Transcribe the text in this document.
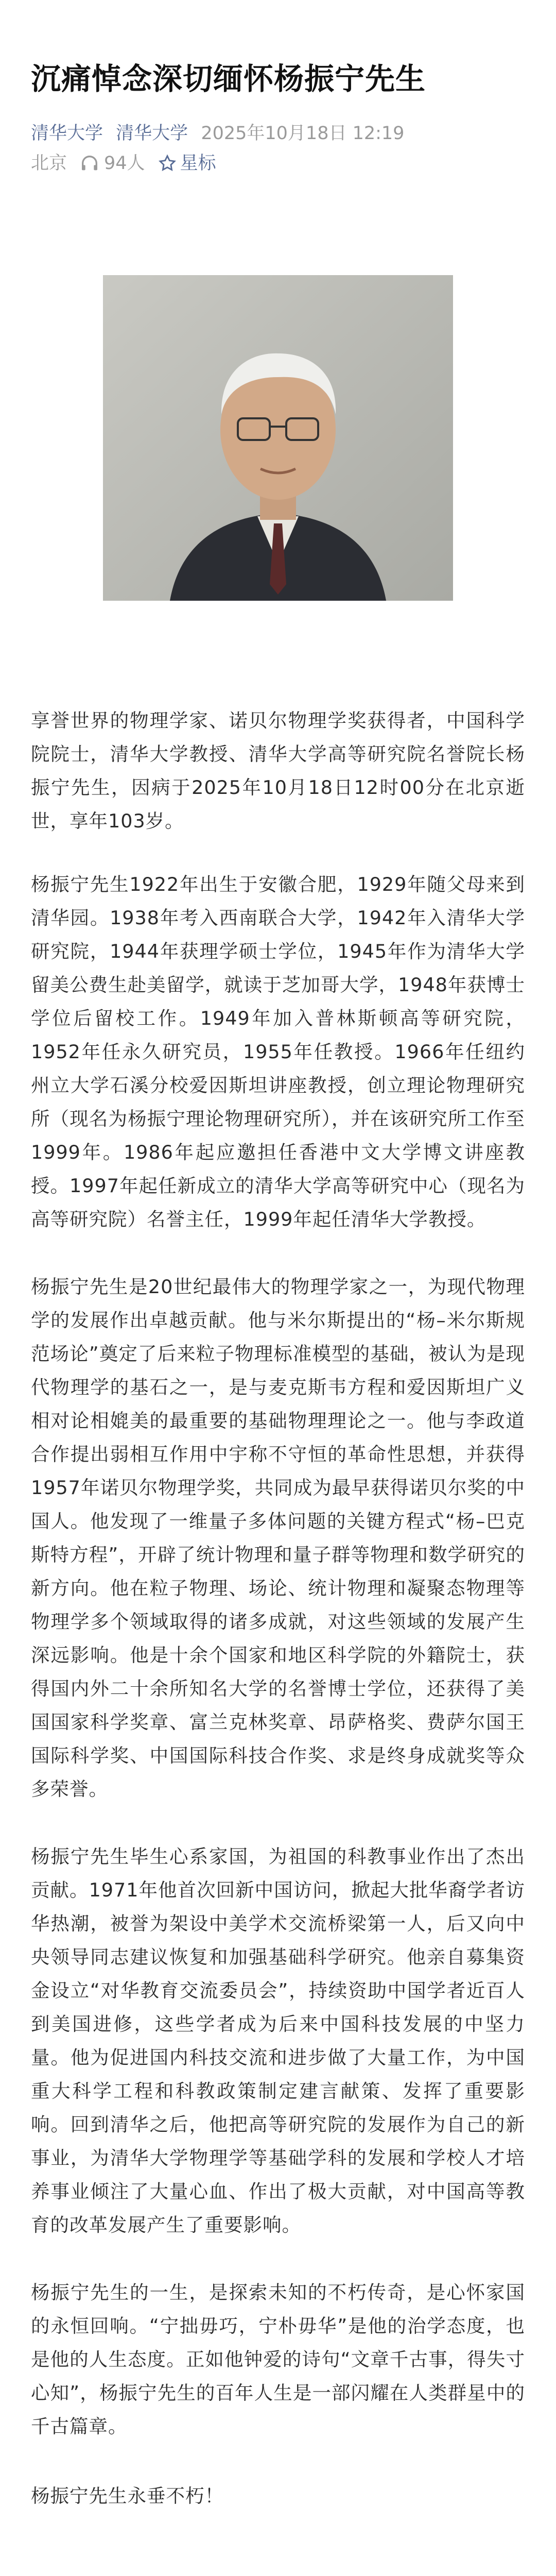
沉痛悼念深切缅怀杨振宁先生
清华大学 清华大学 2025年10月18日 12:19
北京 94人 星标

享誉世界的物理学家、诺贝尔物理学奖获得者，中国科学院院士，清华大学教授、清华大学高等研究院名誉院长杨振宁先生，因病于2025年10月18日12时00分在北京逝世，享年103岁。

杨振宁先生1922年出生于安徽合肥，1929年随父母来到清华园。1938年考入西南联合大学，1942年入清华大学研究院，1944年获理学硕士学位，1945年作为清华大学留美公费生赴美留学，就读于芝加哥大学，1948年获博士学位后留校工作。1949年加入普林斯顿高等研究院，1952年任永久研究员，1955年任教授。1966年任纽约州立大学石溪分校爱因斯坦讲座教授，创立理论物理研究所（现名为杨振宁理论物理研究所），并在该研究所工作至1999年。1986年起应邀担任香港中文大学博文讲座教授。1997年起任新成立的清华大学高等研究中心（现名为高等研究院）名誉主任，1999年起任清华大学教授。

杨振宁先生是20世纪最伟大的物理学家之一，为现代物理学的发展作出卓越贡献。他与米尔斯提出的“杨–米尔斯规范场论”奠定了后来粒子物理标准模型的基础，被认为是现代物理学的基石之一，是与麦克斯韦方程和爱因斯坦广义相对论相媲美的最重要的基础物理理论之一。他与李政道合作提出弱相互作用中宇称不守恒的革命性思想，并获得1957年诺贝尔物理学奖，共同成为最早获得诺贝尔奖的中国人。他发现了一维量子多体问题的关键方程式“杨–巴克斯特方程”，开辟了统计物理和量子群等物理和数学研究的新方向。他在粒子物理、场论、统计物理和凝聚态物理等物理学多个领域取得的诸多成就，对这些领域的发展产生深远影响。他是十余个国家和地区科学院的外籍院士，获得国内外二十余所知名大学的名誉博士学位，还获得了美国国家科学奖章、富兰克林奖章、昂萨格奖、费萨尔国王国际科学奖、中国国际科技合作奖、求是终身成就奖等众多荣誉。

杨振宁先生毕生心系家国，为祖国的科教事业作出了杰出贡献。1971年他首次回新中国访问，掀起大批华裔学者访华热潮，被誉为架设中美学术交流桥梁第一人，后又向中央领导同志建议恢复和加强基础科学研究。他亲自募集资金设立“对华教育交流委员会”，持续资助中国学者近百人到美国进修，这些学者成为后来中国科技发展的中坚力量。他为促进国内科技交流和进步做了大量工作，为中国重大科学工程和科教政策制定建言献策、发挥了重要影响。回到清华之后，他把高等研究院的发展作为自己的新事业，为清华大学物理学等基础学科的发展和学校人才培养事业倾注了大量心血、作出了极大贡献，对中国高等教育的改革发展产生了重要影响。

杨振宁先生的一生，是探索未知的不朽传奇，是心怀家国的永恒回响。“宁拙毋巧，宁朴毋华”是他的治学态度，也是他的人生态度。正如他钟爱的诗句“文章千古事，得失寸心知”，杨振宁先生的百年人生是一部闪耀在人类群星中的千古篇章。

杨振宁先生永垂不朽！
